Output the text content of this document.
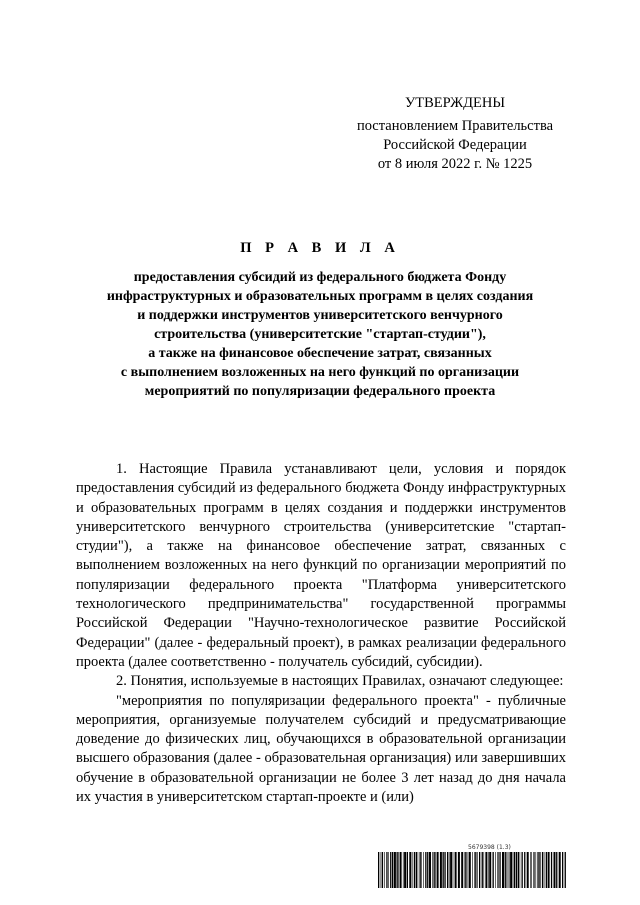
УТВЕРЖДЕНЫ
постановлением Правительства
Российской Федерации
от 8 июля 2022 г. № 1225
П Р А В И Л А
предоставления субсидий из федерального бюджета Фонду
инфраструктурных и образовательных программ в целях создания
и поддержки инструментов университетского венчурного
строительства (университетские "стартап-студии"),
а также на финансовое обеспечение затрат, связанных
с выполнением возложенных на него функций по организации
мероприятий по популяризации федерального проекта

1. Настоящие Правила устанавливают цели, условия и порядок предоставления субсидий из федерального бюджета Фонду инфраструктурных и образовательных программ в целях создания и поддержки инструментов университетского венчурного строительства (университетские "стартап-студии"), а также на финансовое обеспечение затрат, связанных с выполнением возложенных на него функций по организации мероприятий по популяризации федерального проекта "Платформа университетского технологического предпринимательства" государственной программы Российской Федерации "Научно-технологическое развитие Российской Федерации" (далее - федеральный проект), в рамках реализации федерального проекта (далее соответственно - получатель субсидий, субсидии).

2. Понятия, используемые в настоящих Правилах, означают следующее:

"мероприятия по популяризации федерального проекта" - публичные мероприятия, организуемые получателем субсидий и предусматривающие доведение до физических лиц, обучающихся в образовательной организации высшего образования (далее - образовательная организация) или завершивших обучение в образовательной организации не более 3 лет назад до дня начала их участия в университетском стартап-проекте и (или)

5679398 (1.3)
